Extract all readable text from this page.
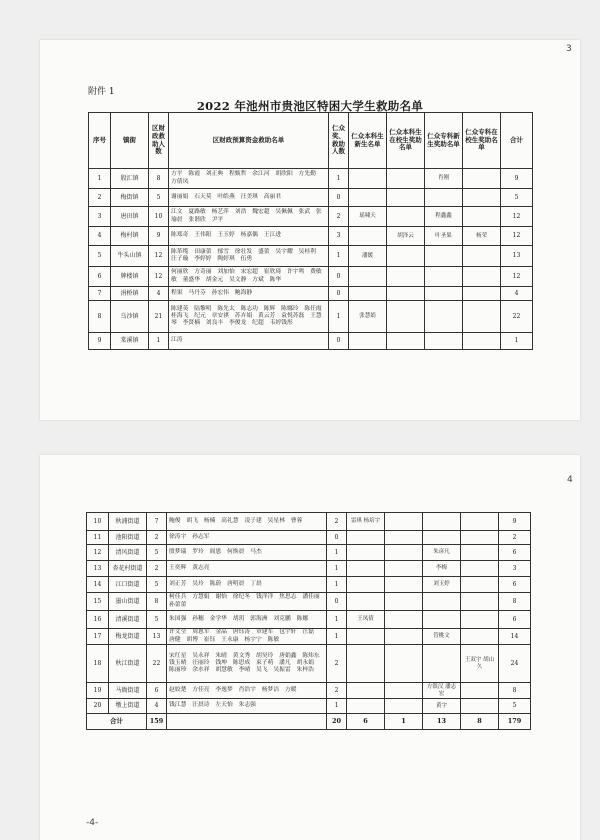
3
附件 1
2022 年池州市贵池区特困大学生救助名单
序号	镇街	区财政救助人数	区财政预算资金救助名单	仁众奖、救助人数	仁众本科生新生名单	仁众本科生在校生奖助名单	仁众专科新生奖助名单	仁众专科在校生奖助名单	合计
1	殷汇镇	8	方平　陈霞　刘正典　程甄哲　余江河　胡欣阳　方先勤　方倩凤	1			肖刚		9
2	梅街镇	5	谢丽娟　石天莫　叶皓燕　汪美琪　高丽君	0					5
3	唐田镇	10	江文　夏路敏　杨艺萍　刘浩　魏宏超　吴佩佩　张武　张瑜晨　张谐欣　尹平	2	瑶啸天		程鑫鑫		12
4	梅村镇	9	陈郑奇　王伟阳　王玉婷　杨嘉偶　王江进	3		胡泽云	叶圣果	杨荣	12
5	牛头山镇	12	陈革缆　田康蕾　郁雪　徐壮发　盛蕾　吴宇耀　吴桂利　汪子璇　李婷婷　陶婷琪　伍勇	1	潘媛				13
6	牌楼镇	12	何丽欣　方奇丽　刘加怡　宋宏超　崔欣琦　许宇鸣　费敏敏　董盛华　胡金元　吴文静　方斌　陈华	0					12
7	涓桥镇	4	程果　马丹芬　孙宏伟　鲍海静	0					4
8	乌沙镇	21	陈建英　陆黎明　陈先太　陈志功　陈辉　陈娜玲　陈任霞　桂海飞　纪元　章安祺　苏卉娟　黄云芳　袁悦苏磊　王慧琴　李贤楠　刘良丰　李俊龙　纪超　韦婷钱彤	1	张慧娟				22
9	棠溪镇	1	江涛	0					1
4
10	秋浦街道	7	鲍俊　胡飞　杨楠　高礼慧　凌子建　吴星林　曹蓉	2	雷琪 杨培宇				9
11	池阳街道	2	徐涛宇　孙志军	0					2
12	清风街道	5	殷梦瑞　罗玲　阎恩　何焕晨　马杰	1			朱彦凡		6
13	杏花村街道	2	王奕辉　黄志亮	1			李梅		3
14	江口街道	5	刘正芳　吴玲　陈蔚　唐明晨　丁晨	1			刘玉婷		6
15	墨山街道	8	柯佳兵　方慧娟　谢怡　徐纪冬　钱洋洋　焦思志　潘佳丽　孙蕾蕾	0					8
16	清溪街道	5	朱国强　孙穗　金学华　胡玥　郭海洲　刘克鹏　陈娜	1	王凤倩				6
17	梅龙街道	13	许文莹　周恩军　金晶　唐钰涛　章建军　包宇轩　汪磊　唐健　胡博　崔钰　王永康　杨宇宁　陈敏	1			管桃文		14
18	秋江街道	22	宋红星　吴永祥　朱晴　黄文秀　胡昊玲　唐娟鑫　陈炜东　钱玉晴　汪丽玲　钱坤　陈思成　束子萌　潘凡　胡永娟　陈丽珍　余水祥　胡慧敏　李晴　吴飞　吴振雷　朱梓浩	2				王双宇 胡山久	24
19	马衙街道	6	赵姣楚　方佳亮　李逸梦　肖浩宇　杨梦洁　方暖	2			方银汉 潘志宏		8
20	墩上街道	4	钱江慧　汪晨诗　左天怡　朱志强	1			黄宇		5
合计		159		20	6	1	13	8	179
-4-
